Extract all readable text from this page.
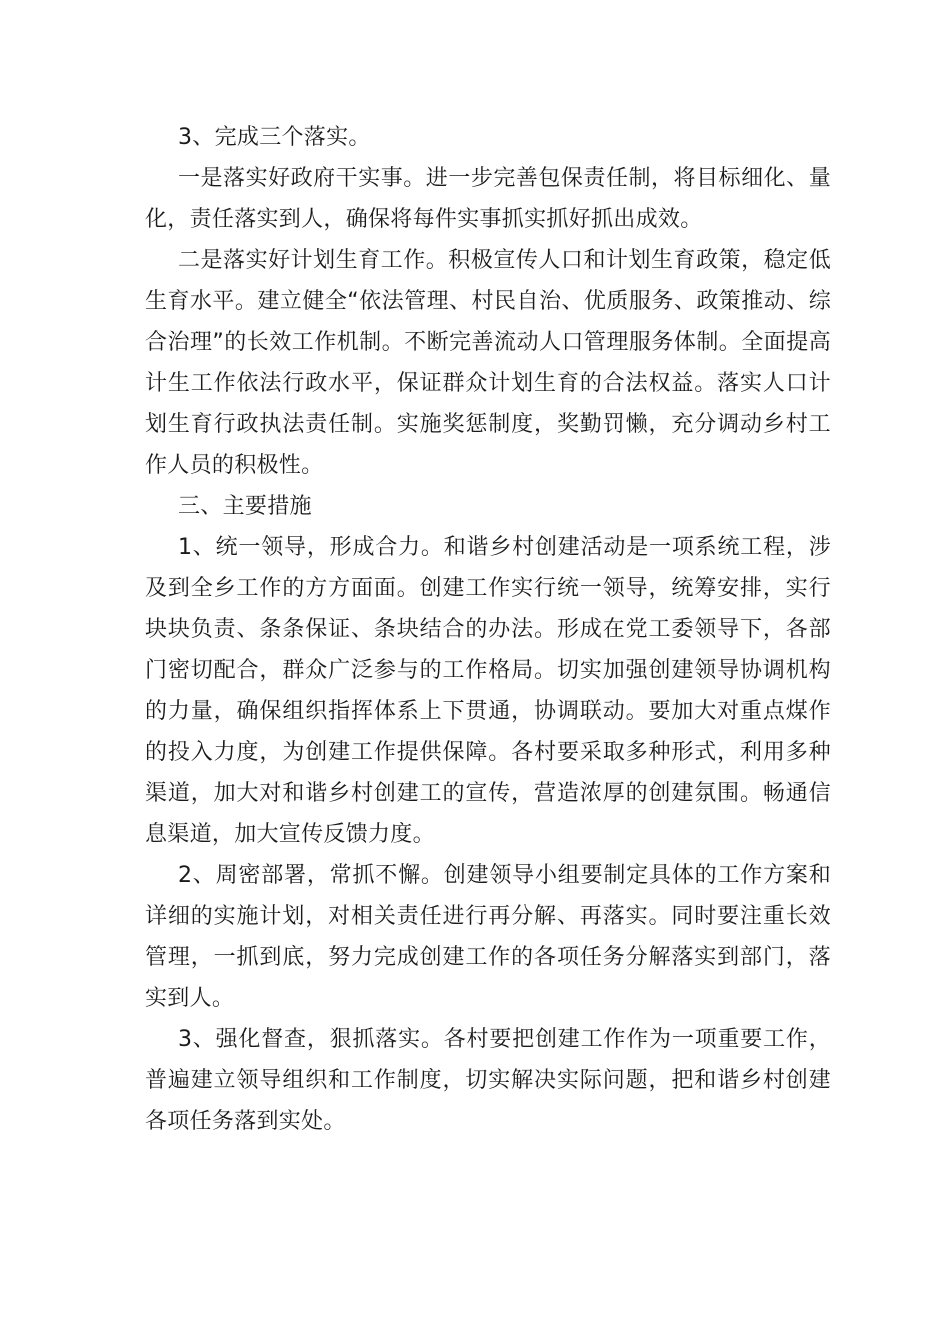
3、完成三个落实。

一是落实好政府干实事。进一步完善包保责任制，将目标细化、量化，责任落实到人，确保将每件实事抓实抓好抓出成效。

二是落实好计划生育工作。积极宣传人口和计划生育政策，稳定低生育水平。建立健全“依法管理、村民自治、优质服务、政策推动、综合治理”的长效工作机制。不断完善流动人口管理服务体制。全面提高计生工作依法行政水平，保证群众计划生育的合法权益。落实人口计划生育行政执法责任制。实施奖惩制度，奖勤罚懒，充分调动乡村工作人员的积极性。

三、主要措施

1、统一领导，形成合力。和谐乡村创建活动是一项系统工程，涉及到全乡工作的方方面面。创建工作实行统一领导，统筹安排，实行块块负责、条条保证、条块结合的办法。形成在党工委领导下，各部门密切配合，群众广泛参与的工作格局。切实加强创建领导协调机构的力量，确保组织指挥体系上下贯通，协调联动。要加大对重点煤作的投入力度，为创建工作提供保障。各村要采取多种形式，利用多种渠道，加大对和谐乡村创建工的宣传，营造浓厚的创建氛围。畅通信息渠道，加大宣传反馈力度。

2、周密部署，常抓不懈。创建领导小组要制定具体的工作方案和详细的实施计划，对相关责任进行再分解、再落实。同时要注重长效管理，一抓到底，努力完成创建工作的各项任务分解落实到部门，落实到人。

3、强化督查，狠抓落实。各村要把创建工作作为一项重要工作，普遍建立领导组织和工作制度，切实解决实际问题，把和谐乡村创建各项任务落到实处。
